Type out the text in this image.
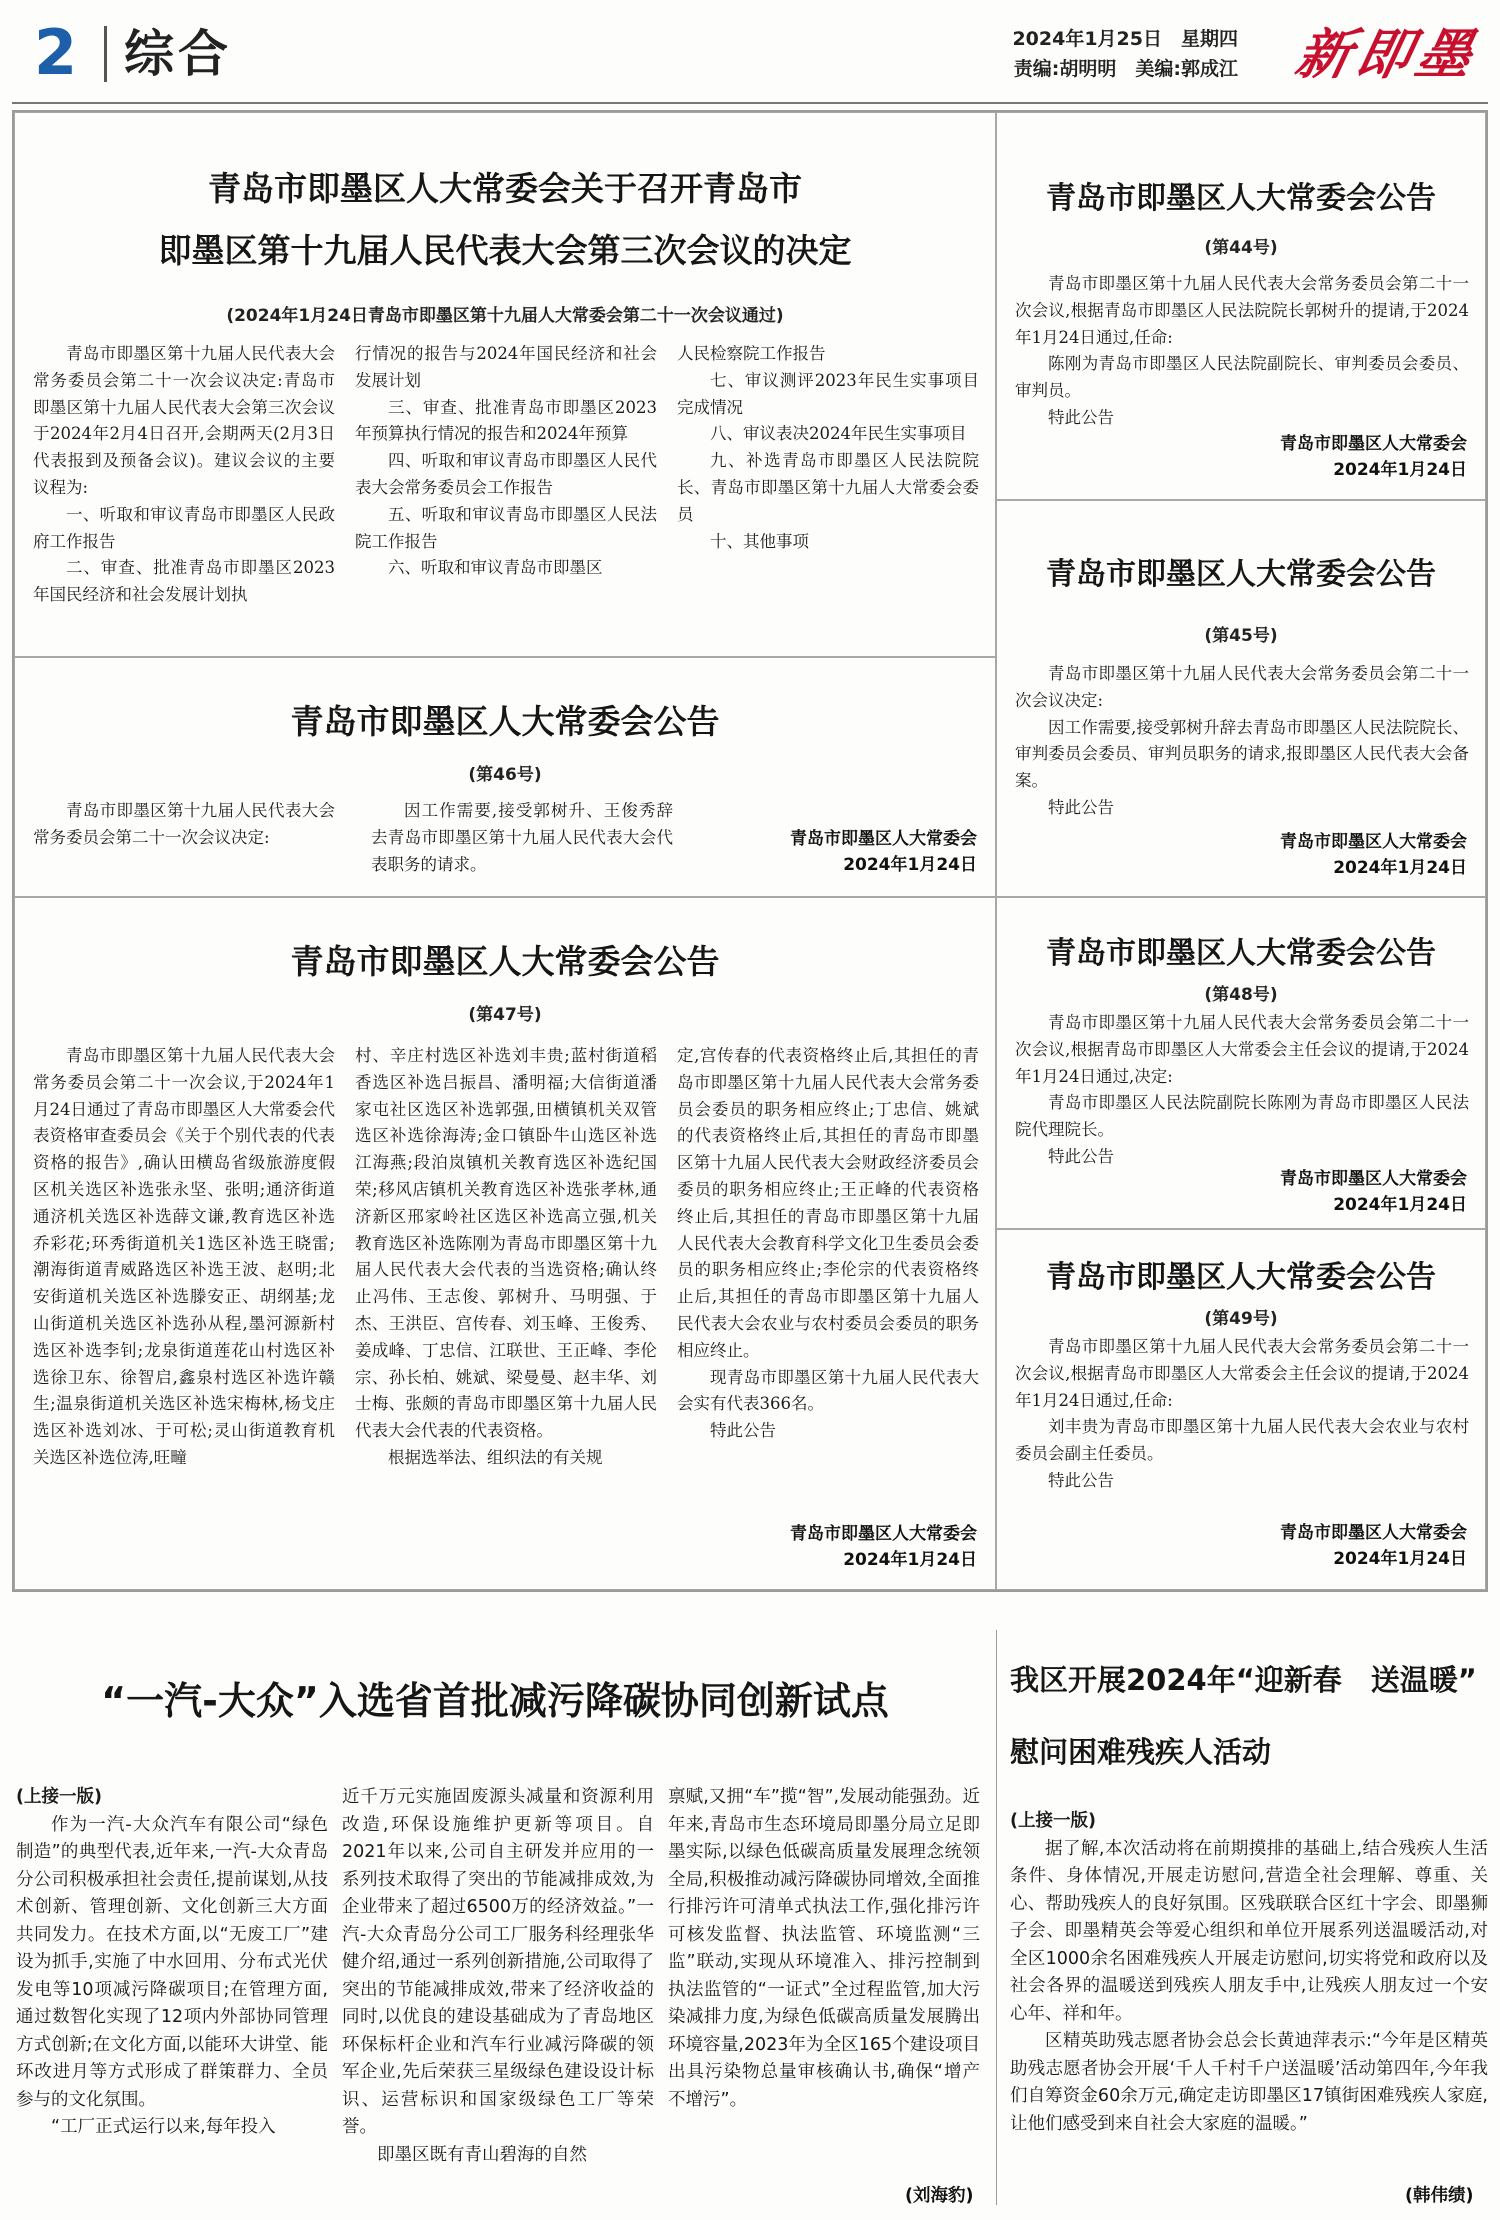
2 综合	2024年1月25日　星期四
责编:胡明明　美编:郭成江 新即墨
青岛市即墨区人大常委会关于召开青岛市
即墨区第十九届人民代表大会第三次会议的决定
(2024年1月24日青岛市即墨区第十九届人大常委会第二十一次会议通过)

青岛市即墨区第十九届人民代表大会常务委员会第二十一次会议决定:青岛市即墨区第十九届人民代表大会第三次会议于2024年2月4日召开,会期两天(2月3日代表报到及预备会议)。建议会议的主要议程为:

一、听取和审议青岛市即墨区人民政府工作报告

二、审查、批准青岛市即墨区2023年国民经济和社会发展计划执

行情况的报告与2024年国民经济和社会发展计划

三、审查、批准青岛市即墨区2023年预算执行情况的报告和2024年预算

四、听取和审议青岛市即墨区人民代表大会常务委员会工作报告

五、听取和审议青岛市即墨区人民法院工作报告

六、听取和审议青岛市即墨区

人民检察院工作报告

七、审议测评2023年民生实事项目完成情况

八、审议表决2024年民生实事项目

九、补选青岛市即墨区人民法院院长、青岛市即墨区第十九届人大常委会委员

十、其他事项

青岛市即墨区人大常委会公告
(第46号)

青岛市即墨区第十九届人民代表大会常务委员会第二十一次会议决定:

因工作需要,接受郭树升、王俊秀辞去青岛市即墨区第十九届人民代表大会代表职务的请求。

青岛市即墨区人大常委会
2024年1月24日
青岛市即墨区人大常委会公告
(第47号)

青岛市即墨区第十九届人民代表大会常务委员会第二十一次会议,于2024年1月24日通过了青岛市即墨区人大常委会代表资格审查委员会《关于个别代表的代表资格的报告》,确认田横岛省级旅游度假区机关选区补选张永坚、张明;通济街道通济机关选区补选薛文谦,教育选区补选乔彩花;环秀街道机关1选区补选王晓雷;潮海街道青威路选区补选王波、赵明;北安街道机关选区补选滕安正、胡纲基;龙山街道机关选区补选孙从程,墨河源新村选区补选李钊;龙泉街道莲花山村选区补选徐卫东、徐智启,鑫泉村选区补选许赣生;温泉街道机关选区补选宋梅林,杨戈庄选区补选刘冰、于可松;灵山街道教育机关选区补选位涛,旺疃

村、辛庄村选区补选刘丰贵;蓝村街道稻香选区补选吕振昌、潘明福;大信街道潘家屯社区选区补选郭强,田横镇机关双管选区补选徐海涛;金口镇卧牛山选区补选江海燕;段泊岚镇机关教育选区补选纪国荣;移风店镇机关教育选区补选张孝林,通济新区邢家岭社区选区补选高立强,机关教育选区补选陈刚为青岛市即墨区第十九届人民代表大会代表的当选资格;确认终止冯伟、王志俊、郭树升、马明强、于杰、王洪臣、宫传春、刘玉峰、王俊秀、姜成峰、丁忠信、江联世、王正峰、李伦宗、孙长柏、姚斌、梁曼曼、赵丰华、刘士梅、张颇的青岛市即墨区第十九届人民代表大会代表的代表资格。

根据选举法、组织法的有关规

定,宫传春的代表资格终止后,其担任的青岛市即墨区第十九届人民代表大会常务委员会委员的职务相应终止;丁忠信、姚斌的代表资格终止后,其担任的青岛市即墨区第十九届人民代表大会财政经济委员会委员的职务相应终止;王正峰的代表资格终止后,其担任的青岛市即墨区第十九届人民代表大会教育科学文化卫生委员会委员的职务相应终止;李伦宗的代表资格终止后,其担任的青岛市即墨区第十九届人民代表大会农业与农村委员会委员的职务相应终止。

现青岛市即墨区第十九届人民代表大会实有代表366名。

特此公告

青岛市即墨区人大常委会
2024年1月24日
青岛市即墨区人大常委会公告
(第44号)

青岛市即墨区第十九届人民代表大会常务委员会第二十一次会议,根据青岛市即墨区人民法院院长郭树升的提请,于2024年1月24日通过,任命:

陈刚为青岛市即墨区人民法院副院长、审判委员会委员、审判员。

特此公告

青岛市即墨区人大常委会
2024年1月24日
青岛市即墨区人大常委会公告
(第45号)

青岛市即墨区第十九届人民代表大会常务委员会第二十一次会议决定:

因工作需要,接受郭树升辞去青岛市即墨区人民法院院长、审判委员会委员、审判员职务的请求,报即墨区人民代表大会备案。

特此公告

青岛市即墨区人大常委会
2024年1月24日
青岛市即墨区人大常委会公告
(第48号)

青岛市即墨区第十九届人民代表大会常务委员会第二十一次会议,根据青岛市即墨区人大常委会主任会议的提请,于2024年1月24日通过,决定:

青岛市即墨区人民法院副院长陈刚为青岛市即墨区人民法院代理院长。

特此公告

青岛市即墨区人大常委会
2024年1月24日
青岛市即墨区人大常委会公告
(第49号)

青岛市即墨区第十九届人民代表大会常务委员会第二十一次会议,根据青岛市即墨区人大常委会主任会议的提请,于2024年1月24日通过,任命:

刘丰贵为青岛市即墨区第十九届人民代表大会农业与农村委员会副主任委员。

特此公告

青岛市即墨区人大常委会
2024年1月24日
“一汽-大众”入选省首批减污降碳协同创新试点

(上接一版)

作为一汽-大众汽车有限公司“绿色制造”的典型代表,近年来,一汽-大众青岛分公司积极承担社会责任,提前谋划,从技术创新、管理创新、文化创新三大方面共同发力。在技术方面,以“无废工厂”建设为抓手,实施了中水回用、分布式光伏发电等10项减污降碳项目;在管理方面,通过数智化实现了12项内外部协同管理方式创新;在文化方面,以能环大讲堂、能环改进月等方式形成了群策群力、全员参与的文化氛围。

“工厂正式运行以来,每年投入

近千万元实施固废源头减量和资源利用改造,环保设施维护更新等项目。自2021年以来,公司自主研发并应用的一系列技术取得了突出的节能减排成效,为企业带来了超过6500万的经济效益。”一汽-大众青岛分公司工厂服务科经理张华健介绍,通过一系列创新措施,公司取得了突出的节能减排成效,带来了经济收益的同时,以优良的建设基础成为了青岛地区环保标杆企业和汽车行业减污降碳的领军企业,先后荣获三星级绿色建设设计标识、运营标识和国家级绿色工厂等荣誉。

即墨区既有青山碧海的自然

禀赋,又拥“车”揽“智”,发展动能强劲。近年来,青岛市生态环境局即墨分局立足即墨实际,以绿色低碳高质量发展理念统领全局,积极推动减污降碳协同增效,全面推行排污许可清单式执法工作,强化排污许可核发监督、执法监管、环境监测“三监”联动,实现从环境准入、排污控制到执法监管的“一证式”全过程监管,加大污染减排力度,为绿色低碳高质量发展腾出环境容量,2023年为全区165个建设项目出具污染物总量审核确认书,确保“增产不增污”。

(刘海豹)
我区开展2024年“迎新春　送温暖”
慰问困难残疾人活动

(上接一版)

据了解,本次活动将在前期摸排的基础上,结合残疾人生活条件、身体情况,开展走访慰问,营造全社会理解、尊重、关心、帮助残疾人的良好氛围。区残联联合区红十字会、即墨狮子会、即墨精英会等爱心组织和单位开展系列送温暖活动,对全区1000余名困难残疾人开展走访慰问,切实将党和政府以及社会各界的温暖送到残疾人朋友手中,让残疾人朋友过一个安心年、祥和年。

区精英助残志愿者协会总会长黄迪萍表示:“今年是区精英助残志愿者协会开展‘千人千村千户送温暖’活动第四年,今年我们自筹资金60余万元,确定走访即墨区17镇街困难残疾人家庭,让他们感受到来自社会大家庭的温暖。”

(韩伟绩)
